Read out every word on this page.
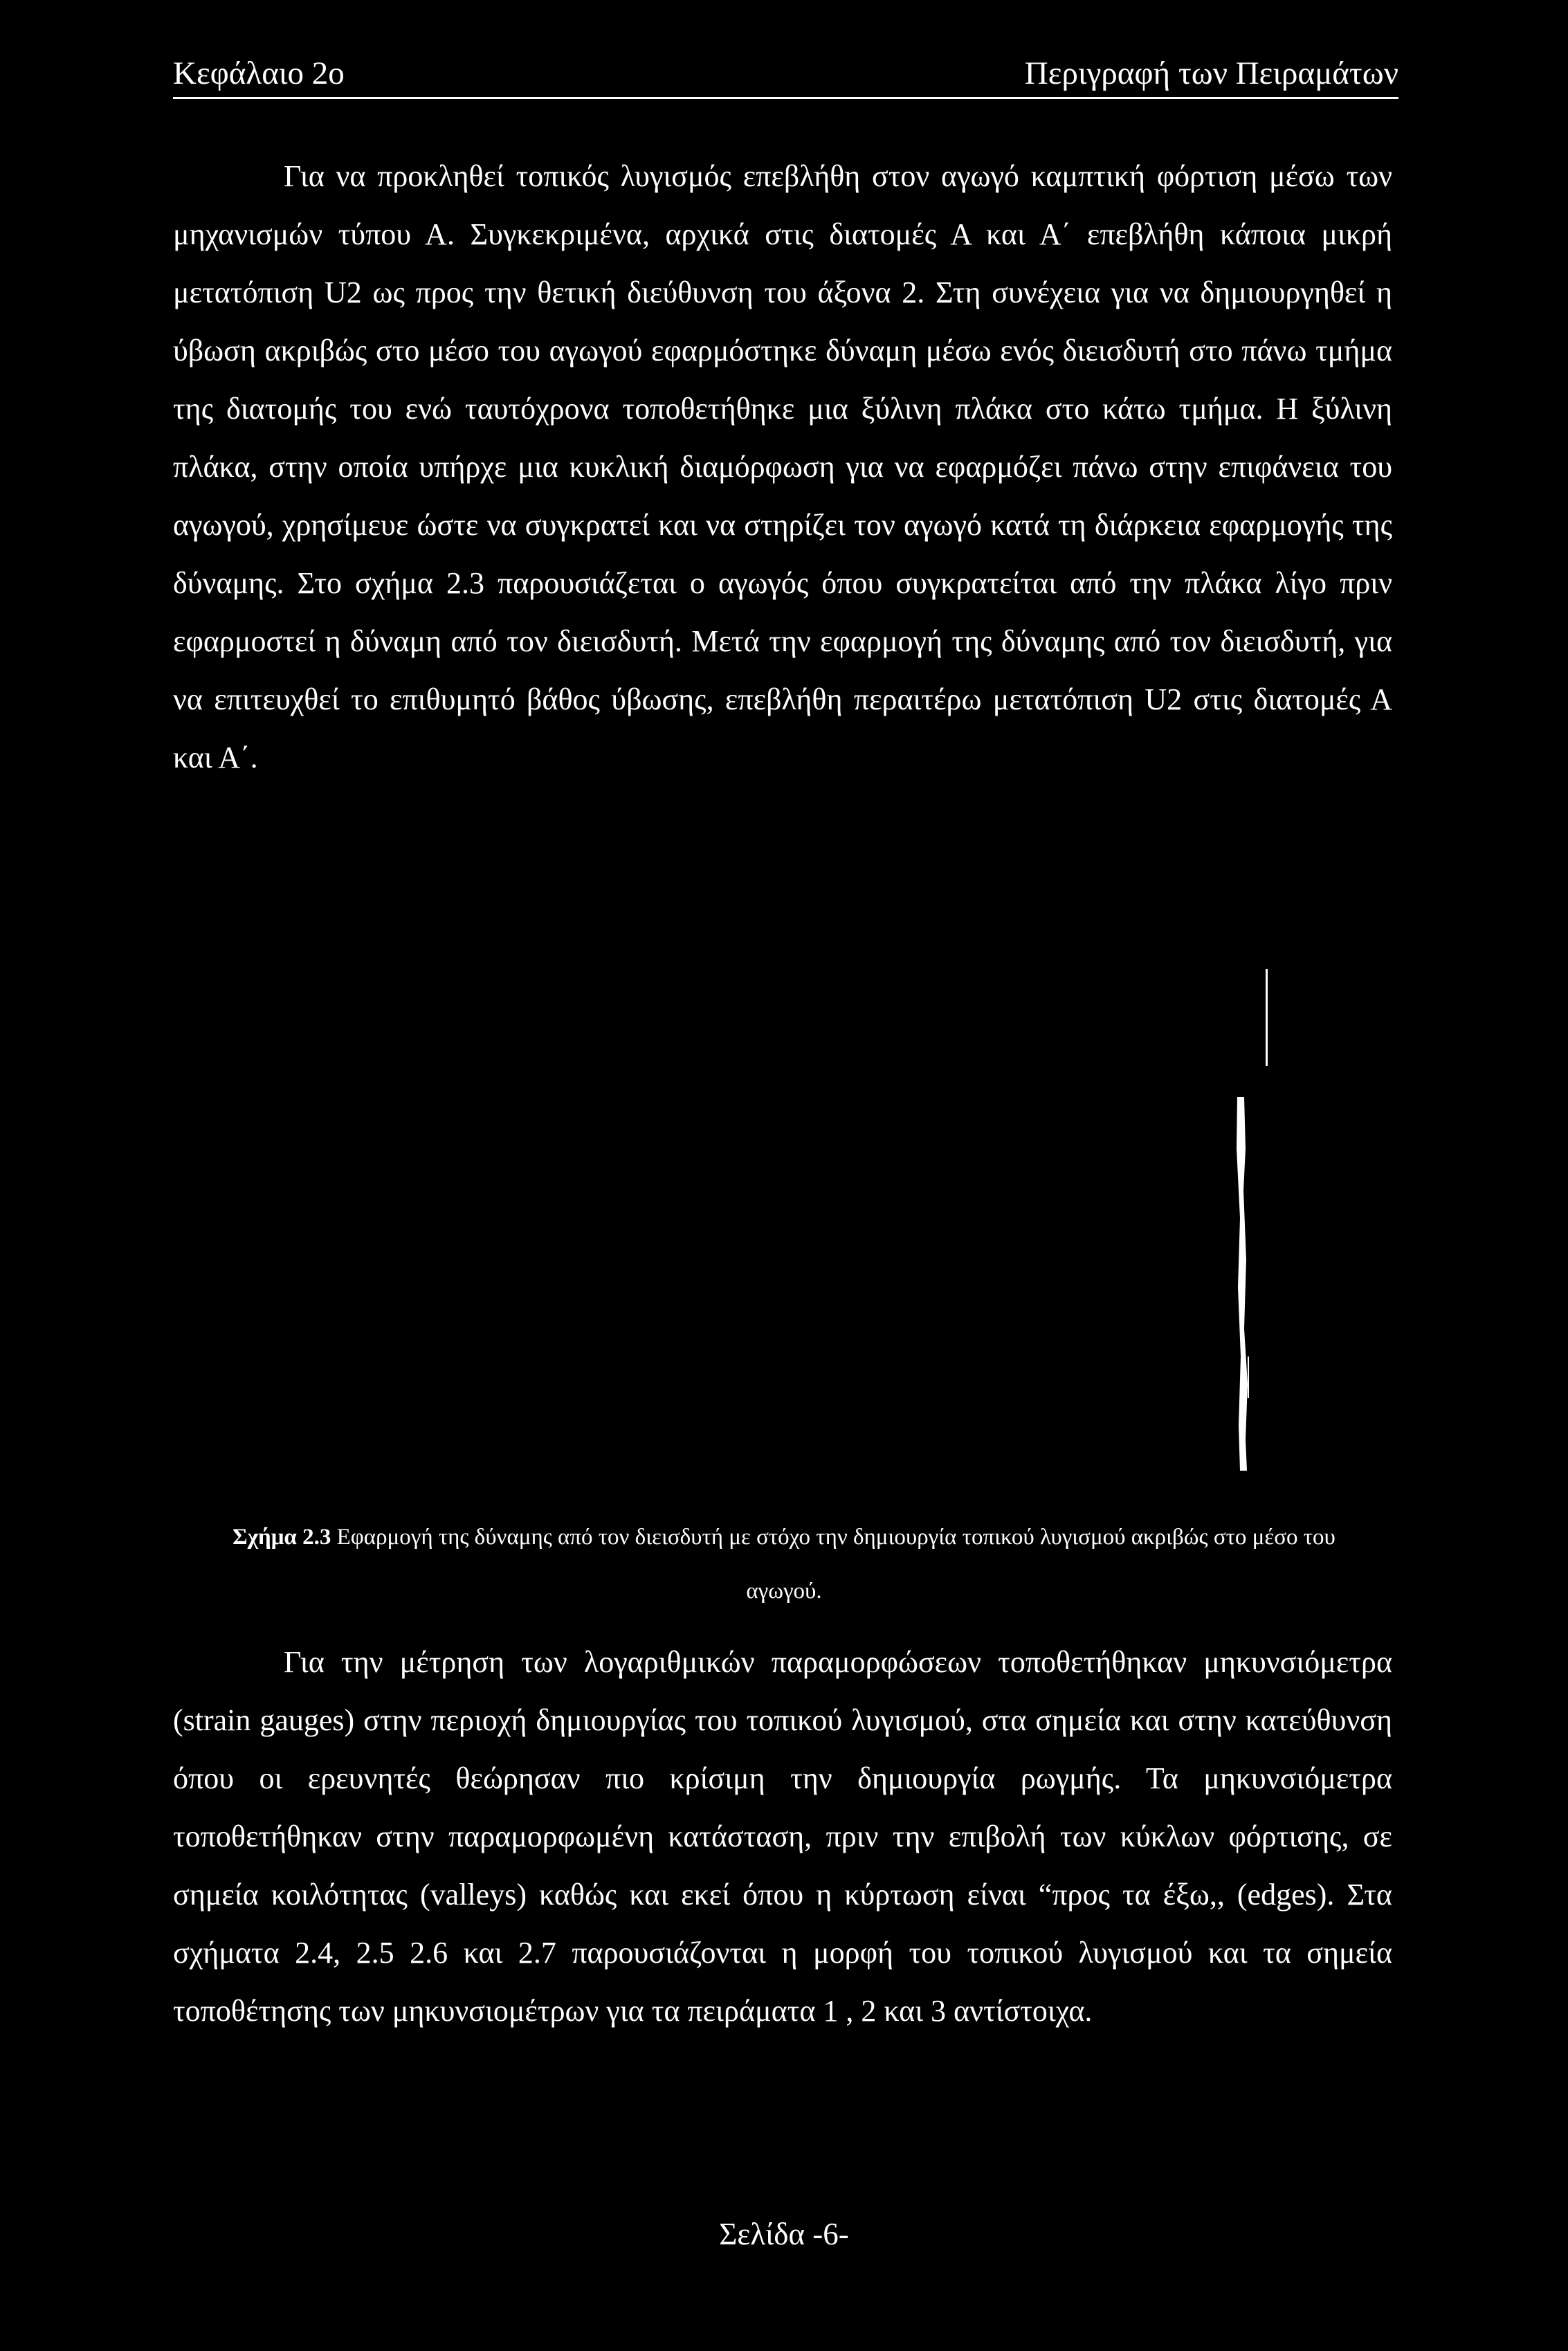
Κεφάλαιο 2ο	Περιγραφή των Πειραμάτων

Για να προκληθεί τοπικός λυγισμός επεβλήθη στον αγωγό καμπτική φόρτιση μέσω των μηχανισμών τύπου Α. Συγκεκριμένα, αρχικά στις διατομές Α και Α΄ επεβλήθη κάποια μικρή μετατόπιση U2 ως προς την θετική διεύθυνση του άξονα 2. Στη συνέχεια για να δημιουργηθεί η ύβωση ακριβώς στο μέσο του αγωγού εφαρμόστηκε δύναμη μέσω ενός διεισδυτή στο πάνω τμήμα της διατομής του ενώ ταυτόχρονα τοποθετήθηκε μια ξύλινη πλάκα στο κάτω τμήμα. Η ξύλινη πλάκα, στην οποία υπήρχε μια κυκλική διαμόρφωση για να εφαρμόζει πάνω στην επιφάνεια του αγωγού, χρησίμευε ώστε να συγκρατεί και να στηρίζει τον αγωγό κατά τη διάρκεια εφαρμογής της δύναμης. Στο σχήμα 2.3 παρουσιάζεται ο αγωγός όπου συγκρατείται από την πλάκα λίγο πριν εφαρμοστεί η δύναμη από τον διεισδυτή. Μετά την εφαρμογή της δύναμης από τον διεισδυτή, για να επιτευχθεί το επιθυμητό βάθος ύβωσης, επεβλήθη περαιτέρω μετατόπιση U2 στις διατομές Α και Α΄.

Σχήμα 2.3 Εφαρμογή της δύναμης από τον διεισδυτή με στόχο την δημιουργία τοπικού λυγισμού ακριβώς στο μέσο του αγωγού.

Για την μέτρηση των λογαριθμικών παραμορφώσεων τοποθετήθηκαν μηκυνσιόμετρα (strain gauges) στην περιοχή δημιουργίας του τοπικού λυγισμού, στα σημεία και στην κατεύθυνση όπου οι ερευνητές θεώρησαν πιο κρίσιμη την δημιουργία ρωγμής. Τα μηκυνσιόμετρα τοποθετήθηκαν στην παραμορφωμένη κατάσταση, πριν την επιβολή των κύκλων φόρτισης, σε σημεία κοιλότητας (valleys) καθώς και εκεί όπου η κύρτωση είναι “προς τα έξω,, (edges). Στα σχήματα 2.4, 2.5 2.6 και 2.7 παρουσιάζονται η μορφή του τοπικού λυγισμού και τα σημεία τοποθέτησης των μηκυνσιομέτρων για τα πειράματα 1 , 2 και 3 αντίστοιχα.

Σελίδα -6-
